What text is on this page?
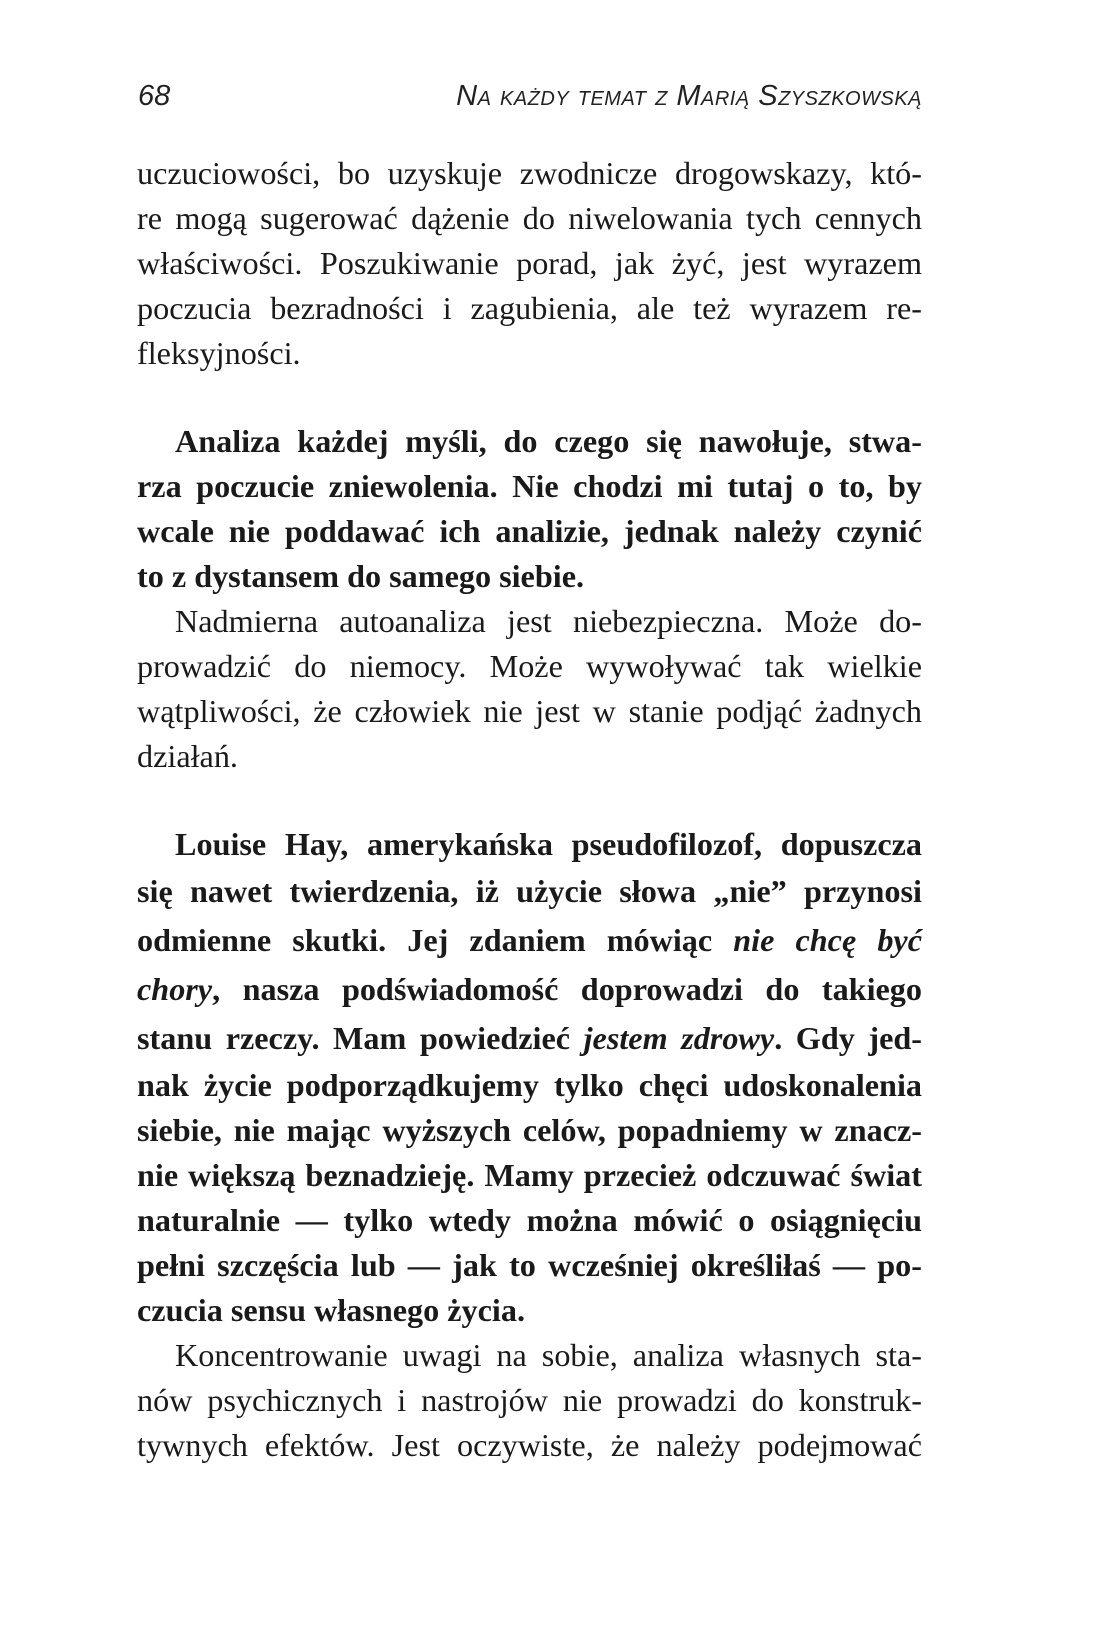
68	Na każdy temat z Marią Szyszkowską
uczuciowości, bo uzyskuje zwodnicze drogowskazy, któ-
re mogą sugerować dążenie do niwelowania tych cennych
właściwości. Poszukiwanie porad, jak żyć, jest wyrazem
poczucia bezradności i zagubienia, ale też wyrazem re-
fleksyjności.
Analiza każdej myśli, do czego się nawołuje, stwa-
rza poczucie zniewolenia. Nie chodzi mi tutaj o to, by
wcale nie poddawać ich analizie, jednak należy czynić
to z dystansem do samego siebie.
Nadmierna autoanaliza jest niebezpieczna. Może do-
prowadzić do niemocy. Może wywoływać tak wielkie
wątpliwości, że człowiek nie jest w stanie podjąć żadnych
działań.
Louise Hay, amerykańska pseudofilozof, dopuszcza
się nawet twierdzenia, iż użycie słowa „nie” przynosi
odmienne skutki. Jej zdaniem mówiąc nie chcę być
chory, nasza podświadomość doprowadzi do takiego
stanu rzeczy. Mam powiedzieć jestem zdrowy. Gdy jed-
nak życie podporządkujemy tylko chęci udoskonalenia
siebie, nie mając wyższych celów, popadniemy w znacz-
nie większą beznadzieję. Mamy przecież odczuwać świat
naturalnie — tylko wtedy można mówić o osiągnięciu
pełni szczęścia lub — jak to wcześniej określiłaś — po-
czucia sensu własnego życia.
Koncentrowanie uwagi na sobie, analiza własnych sta-
nów psychicznych i nastrojów nie prowadzi do konstruk-
tywnych efektów. Jest oczywiste, że należy podejmować
